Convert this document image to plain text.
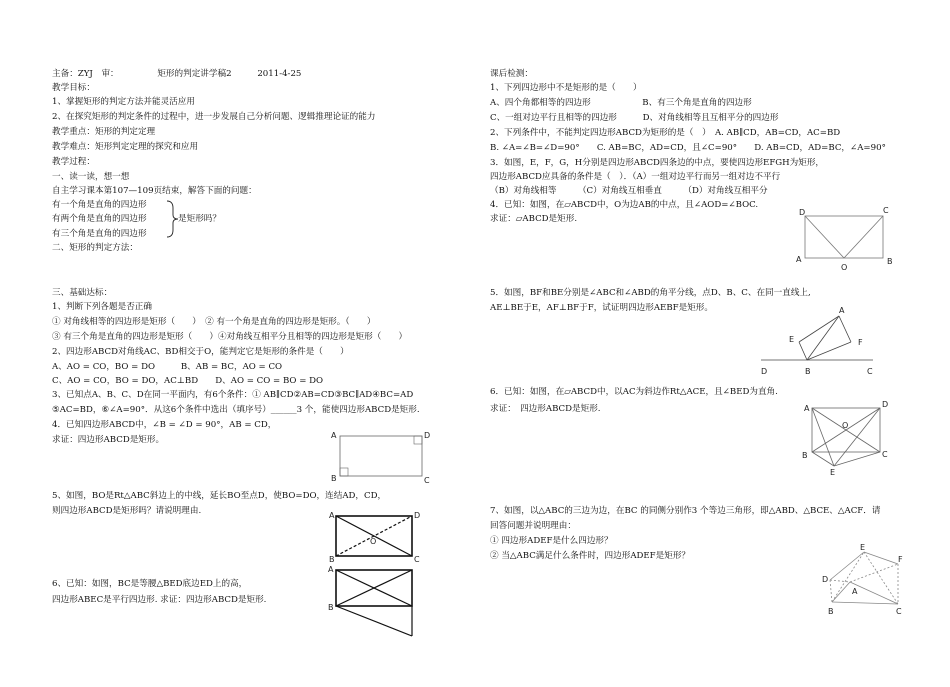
主备：ZYJ　审：　　　　　矩形的判定讲学稿2　　　2011-4-25
教学目标：
1、掌握矩形的判定方法并能灵活应用
2、在探究矩形的判定条件的过程中，进一步发展自己分析问题、逻辑推理论证的能力
教学重点：矩形的判定定理
教学难点：矩形判定定理的探究和应用
教学过程：
一、读一读，想一想
自主学习课本第107—109页结束，解答下面的问题：
有一个角是直角的四边形
有两个角是直角的四边形
有三个角是直角的四边形
是矩形吗？
二、矩形的判定方法：
三、基础达标：
1、判断下列各题是否正确
① 对角线相等的四边形是矩形（　　）　② 有一个角是直角的四边形是矩形。（　　）
③ 有三个角是直角的四边形是矩形（　　）④对角线互相平分且相等的四边形是矩形（　　）
2、四边形ABCD对角线AC、BD相交于O，能判定它是矩形的条件是（　　）
A、AO = CO，BO = DO　　　B、AB = BC，AO = CO
C、AO = CO，BO = DO，AC⊥BD　　D、AO = CO = BO = DO
3、已知点A、B、C、D在同一平面内，有6个条件：① AB∥CD②AB=CD③BC∥AD④BC=AD
⑤AC=BD，⑥∠A=90°．从这6个条件中选出（填序号）______3 个，能使四边形ABCD是矩形.
4．已知四边形ABCD中，∠B = ∠D = 90°，AB = CD，
求证：四边形ABCD是矩形。	A	D
B	C
5、如图，BO是Rt△ABC斜边上的中线，延长BO至点D，使BO=DO，连结AD，CD，
则四边形ABCD是矩形吗？请说明理由.	A	D
O
B	C
6、已知：如图，BC是等腰△BED底边ED上的高，
四边形ABEC是平行四边形. 求证：四边形ABCD是矩形.
A
B
课后检测：
1、下列四边形中不是矩形的是（　　）
A、四个角都相等的四边形　　　　　　B、有三个角是直角的四边形
C、一组对边平行且相等的四边形　　　D、对角线相等且互相平分的四边形
2、下列条件中，不能判定四边形ABCD为矩形的是（　）　A. AB∥CD，AB=CD，AC=BD
B. ∠A=∠B=∠D=90°　　C. AB=BC，AD=CD，且∠C=90°　　D. AB=CD，AD=BC，∠A=90°
3．如图，E，F，G，H分别是四边形ABCD四条边的中点，要使四边形EFGH为矩形，
四边形ABCD应具备的条件是（　）．（A）一组对边平行而另一组对边不平行
（B）对角线相等　　　（C）对角线互相垂直　　　（D）对角线互相平分
4．已知：如图，在▱ABCD中，O为边AB的中点，且∠AOD=∠BOC.
求证：▱ABCD是矩形.
D	C
A
O
B
5．如图，BF和BE分别是∠ABC和∠ABD的角平分线，点D、B、C、在同一直线上,
AE⊥BE于E，AF⊥BF于F，试证明四边形AEBF是矩形。	A
E	F
D	B	C
6．已知：如图，在▱ABCD中，以AC为斜边作Rt△ACE，且∠BED为直角.
求证：　四边形ABCD是矩形.	A	D
O
B	C
E
7、如图，以△ABC的三边为边，在BC 的同侧分别作3 个等边三角形，即△ABD、△BCE、△ACF．请
回答问题并说明理由：
① 四边形ADEF是什么四边形？
② 当△ABC满足什么条件时，四边形ADEF是矩形？
E
F
D
A
B	C
